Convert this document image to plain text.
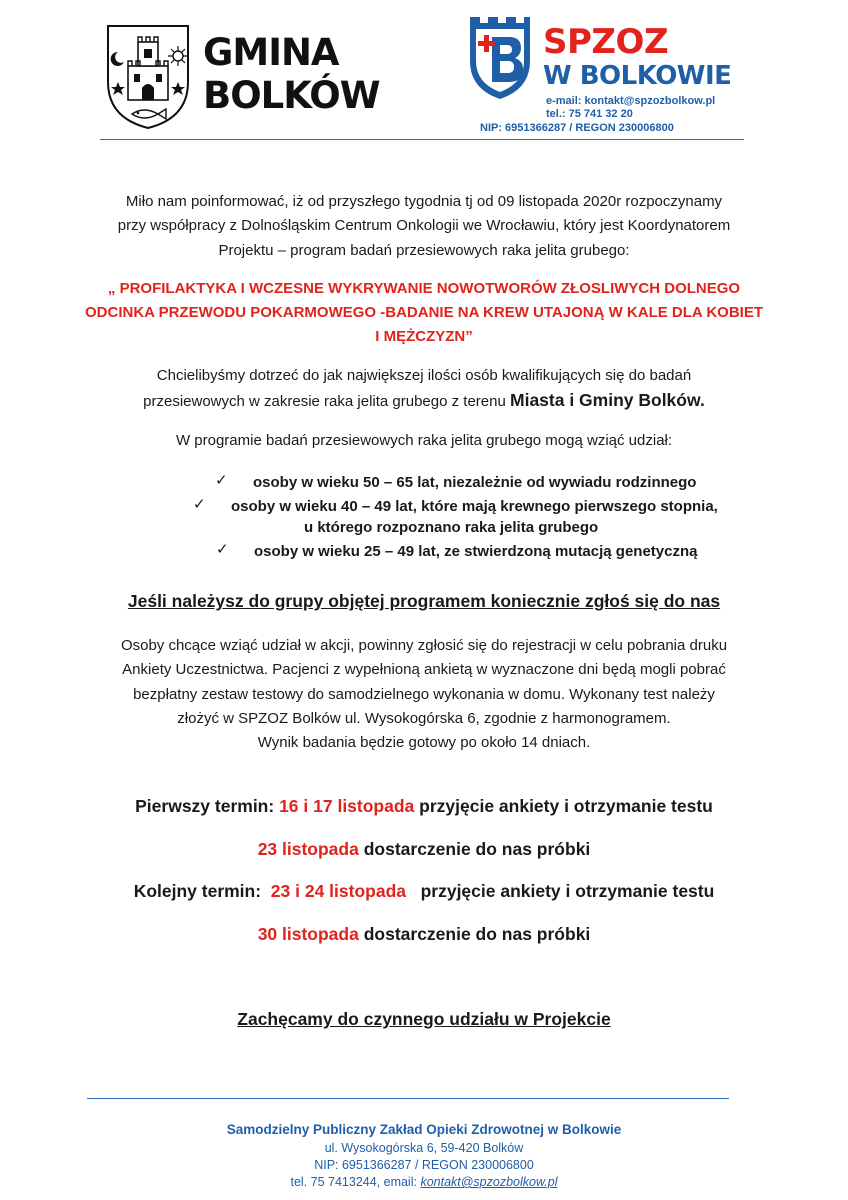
GMINA
BOLKÓW
SPZOZ
W BOLKOWIE
e-mail: kontakt@spzozbolkow.pl
tel.: 75 741 32 20
NIP: 6951366287 / REGON 230006800
Miło nam poinformować, iż od przyszłego tygodnia tj od 09 listopada 2020r rozpoczynamy
przy współpracy z Dolnośląskim Centrum Onkologii we Wrocławiu, który jest Koordynatorem
Projektu – program badań przesiewowych raka jelita grubego:
„ PROFILAKTYKA I WCZESNE WYKRYWANIE NOWOTWORÓW ZŁOSLIWYCH DOLNEGO
ODCINKA PRZEWODU POKARMOWEGO -BADANIE NA KREW UTAJONĄ W KALE DLA KOBIET
I MĘŻCZYZN”
Chcielibyśmy dotrzeć do jak największej ilości osób kwalifikujących się do badań
przesiewowych w zakresie raka jelita grubego z terenu Miasta i Gminy Bolków.
W programie badań przesiewowych raka jelita grubego mogą wziąć udział:
✓ osoby w wieku 50 – 65 lat, niezależnie od wywiadu rodzinnego
✓ osoby w wieku 40 – 49 lat, które mają krewnego pierwszego stopnia,
u którego rozpoznano raka jelita grubego
✓ osoby w wieku 25 – 49 lat, ze stwierdzoną mutacją genetyczną
Jeśli należysz do grupy objętej programem koniecznie zgłoś się do nas
Osoby chcące wziąć udział w akcji, powinny zgłosić się do rejestracji w celu pobrania druku
Ankiety Uczestnictwa. Pacjenci z wypełnioną ankietą w wyznaczone dni będą mogli pobrać
bezpłatny zestaw testowy do samodzielnego wykonania w domu. Wykonany test należy
złożyć w SPZOZ Bolków ul. Wysokogórska 6, zgodnie z harmonogramem.
Wynik badania będzie gotowy po około 14 dniach.
Pierwszy termin: 16 i 17 listopada przyjęcie ankiety i otrzymanie testu
23 listopada dostarczenie do nas próbki
Kolejny termin:  23 i 24 listopada   przyjęcie ankiety i otrzymanie testu
30 listopada dostarczenie do nas próbki
Zachęcamy do czynnego udziału w Projekcie
Samodzielny Publiczny Zakład Opieki Zdrowotnej w Bolkowie
ul. Wysokogórska 6, 59-420 Bolków
NIP: 6951366287 / REGON 230006800
tel. 75 7413244, email: kontakt@spzozbolkow.pl
